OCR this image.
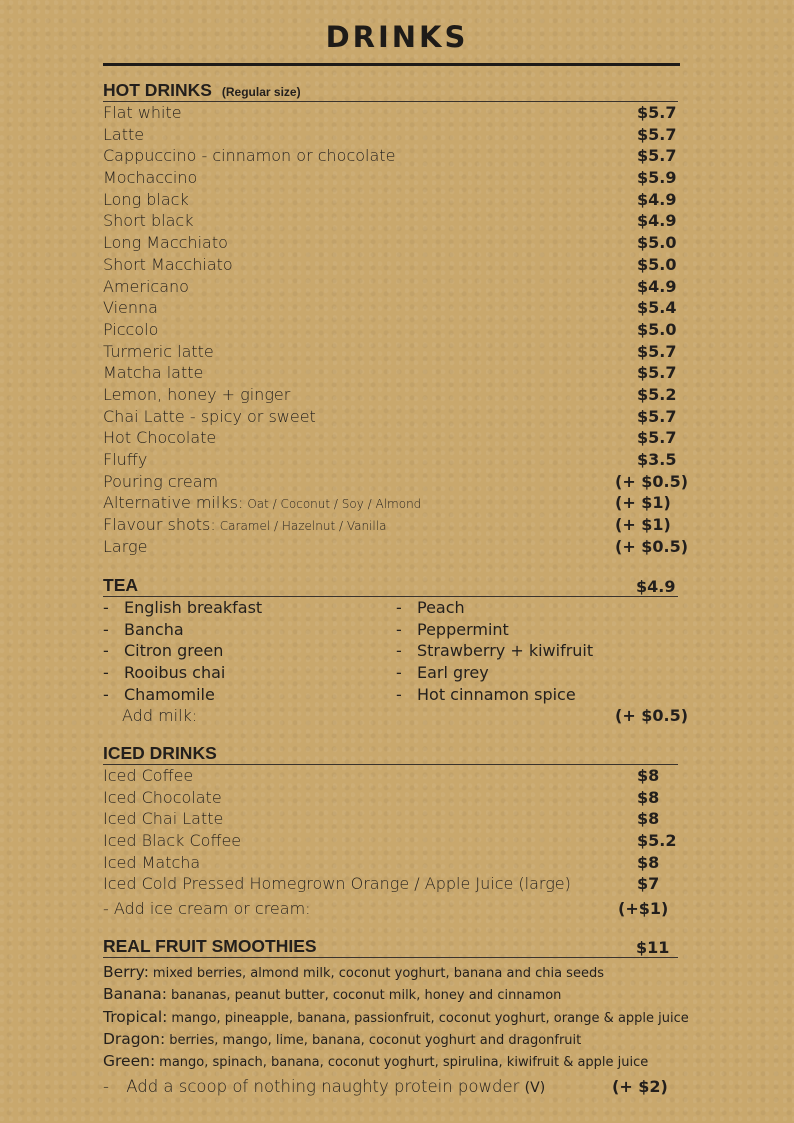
DRINKS
HOT DRINKS (Regular size)
Flat white	$5.7
Latte	$5.7
Cappuccino - cinnamon or chocolate	$5.7
Mochaccino	$5.9
Long black	$4.9
Short black	$4.9
Long Macchiato	$5.0
Short Macchiato	$5.0
Americano	$4.9
Vienna	$5.4
Piccolo	$5.0
Turmeric latte	$5.7
Matcha latte	$5.7
Lemon, honey + ginger	$5.2
Chai Latte - spicy or sweet	$5.7
Hot Chocolate	$5.7
Fluffy	$3.5
Pouring cream	(+ $0.5)
Alternative milks: Oat / Coconut / Soy / Almond	(+ $1)
Flavour shots: Caramel / Hazelnut / Vanilla	(+ $1)
Large	(+ $0.5)
TEA	$4.9
- English breakfast	- Peach
- Bancha	- Peppermint
- Citron green	- Strawberry + kiwifruit
- Rooibus chai	- Earl grey
- Chamomile	- Hot cinnamon spice
Add milk:	(+ $0.5)
ICED DRINKS
Iced Coffee	$8
Iced Chocolate	$8
Iced Chai Latte	$8
Iced Black Coffee	$5.2
Iced Matcha	$8
Iced Cold Pressed Homegrown Orange / Apple Juice (large)	$7
- Add ice cream or cream:	(+$1)
REAL FRUIT SMOOTHIES	$11
Berry: mixed berries, almond milk, coconut yoghurt, banana and chia seeds
Banana: bananas, peanut butter, coconut milk, honey and cinnamon
Tropical: mango, pineapple, banana, passionfruit, coconut yoghurt, orange & apple juice
Dragon: berries, mango, lime, banana, coconut yoghurt and dragonfruit
Green: mango, spinach, banana, coconut yoghurt, spirulina, kiwifruit & apple juice
- Add a scoop of nothing naughty protein powder (V)	(+ $2)
